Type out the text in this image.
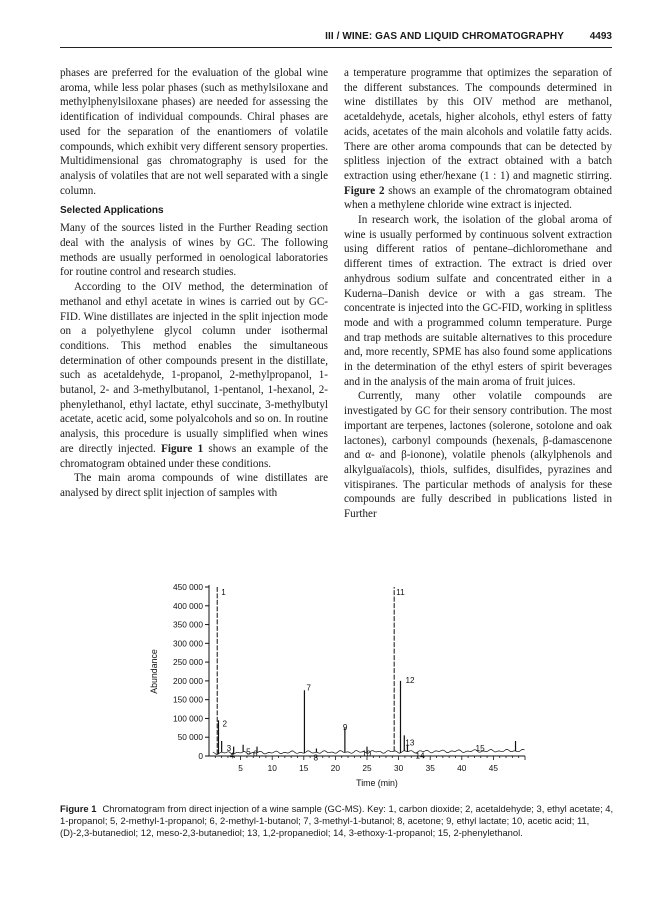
III / WINE: GAS AND LIQUID CHROMATOGRAPHY	4493

phases are preferred for the evaluation of the global wine aroma, while less polar phases (such as methylsiloxane and methylphenylsiloxane phases) are needed for assessing the identification of individual compounds. Chiral phases are used for the separation of the enantiomers of volatile compounds, which exhibit very different sensory properties. Multidimensional gas chromatography is used for the analysis of volatiles that are not well separated with a single column.

Selected Applications

Many of the sources listed in the Further Reading section deal with the analysis of wines by GC. The following methods are usually performed in oenological laboratories for routine control and research studies.

According to the OIV method, the determination of methanol and ethyl acetate in wines is carried out by GC-FID. Wine distillates are injected in the split injection mode on a polyethylene glycol column under isothermal conditions. This method enables the simultaneous determination of other compounds present in the distillate, such as acetaldehyde, 1-propanol, 2-methylpropanol, 1-butanol, 2- and 3-methylbutanol, 1-pentanol, 1-hexanol, 2-phenylethanol, ethyl lactate, ethyl succinate, 3-methylbutyl acetate, acetic acid, some polyalcohols and so on. In routine analysis, this procedure is usually simplified when wines are directly injected. Figure 1 shows an example of the chromatogram obtained under these conditions.

The main aroma compounds of wine distillates are analysed by direct split injection of samples with

a temperature programme that optimizes the separation of the different substances. The compounds determined in wine distillates by this OIV method are methanol, acetaldehyde, acetals, higher alcohols, ethyl esters of fatty acids, acetates of the main alcohols and volatile fatty acids. There are other aroma compounds that can be detected by splitless injection of the extract obtained with a batch extraction using ether/hexane (1 : 1) and magnetic stirring. Figure 2 shows an example of the chromatogram obtained when a methylene chloride wine extract is injected.

In research work, the isolation of the global aroma of wine is usually performed by continuous solvent extraction using different ratios of pentane–dichloromethane and different times of extraction. The extract is dried over anhydrous sodium sulfate and concentrated either in a Kuderna–Danish device or with a gas stream. The concentrate is injected into the GC-FID, working in splitless mode and with a programmed column temperature. Purge and trap methods are suitable alternatives to this procedure and, more recently, SPME has also found some applications in the determination of the ethyl esters of spirit beverages and in the analysis of the main aroma of fruit juices.

Currently, many other volatile compounds are investigated by GC for their sensory contribution. The most important are terpenes, lactones (solerone, sotolone and oak lactones), carbonyl compounds (hexenals, β-damascenone and α- and β-ionone), volatile phenols (alkylphenols and alkylguaïacols), thiols, sulfides, disulfides, pyrazines and vitispiranes. The particular methods of analysis for these compounds are fully described in publications listed in Further

0
50 000
100 000
150 000
200 000
250 000
300 000
350 000
400 000
450 000
5	10	15	20	25	30	35	40	45
Time (min)
Abundance
1
2
3
4 5 6
7
8
9
10
11
12
13
14
15
Figure 1 Chromatogram from direct injection of a wine sample (GC-MS). Key: 1, carbon dioxide; 2, acetaldehyde; 3, ethyl acetate; 4, 1-propanol; 5, 2-methyl-1-propanol; 6, 2-methyl-1-butanol; 7, 3-methyl-1-butanol; 8, acetone; 9, ethyl lactate; 10, acetic acid; 11, (D)-2,3-butanediol; 12, meso-2,3-butanediol; 13, 1,2-propanediol; 14, 3-ethoxy-1-propanol; 15, 2-phenylethanol.
